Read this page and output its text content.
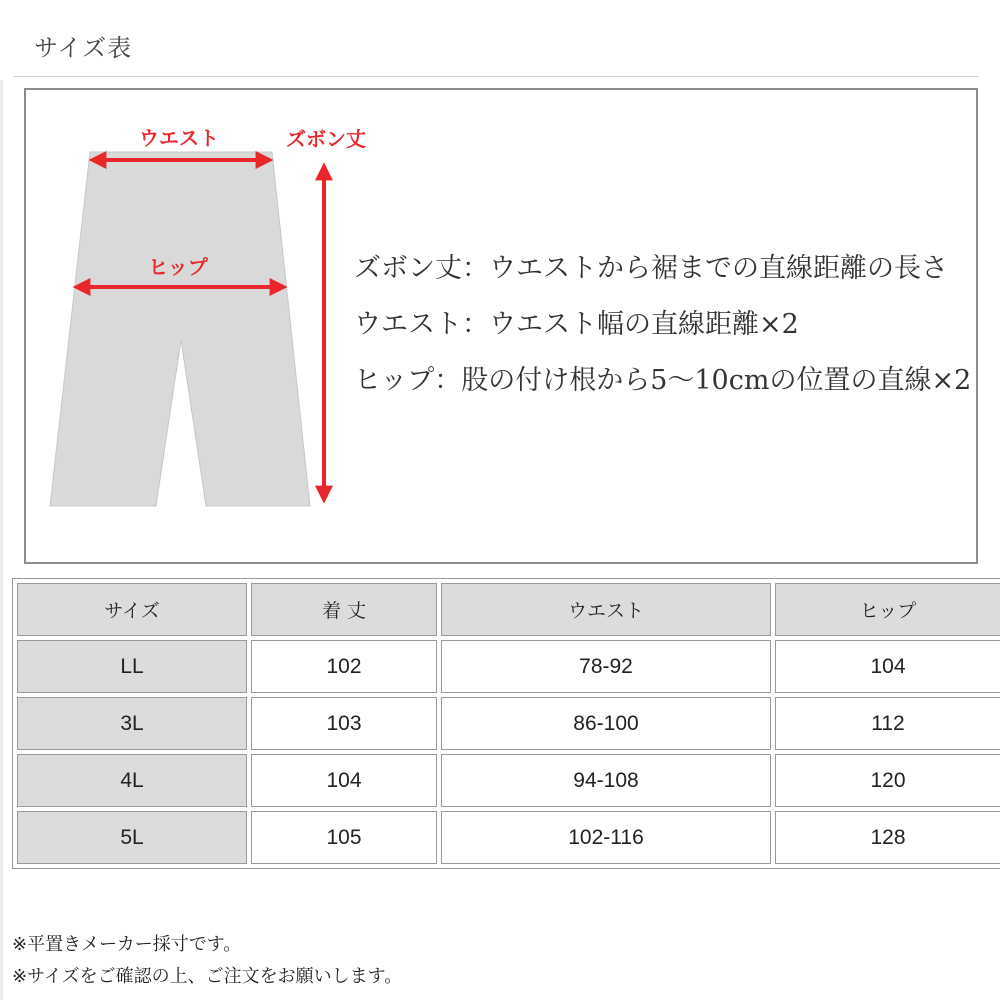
サイズ表
ウエスト	ズボン丈
ヒップ	ズボン丈：ウエストから裾までの直線距離の長さ
ウエスト：ウエスト幅の直線距離×2
ヒップ：股の付け根から5～10cmの位置の直線×2
サイズ	着 丈	ウエスト	ヒップ
LL	102	78-92	104
3L	103	86-100	112
4L	104	94-108	120
5L	105	102-116	128
※平置きメーカー採寸です。
※サイズをご確認の上、ご注文をお願いします。
